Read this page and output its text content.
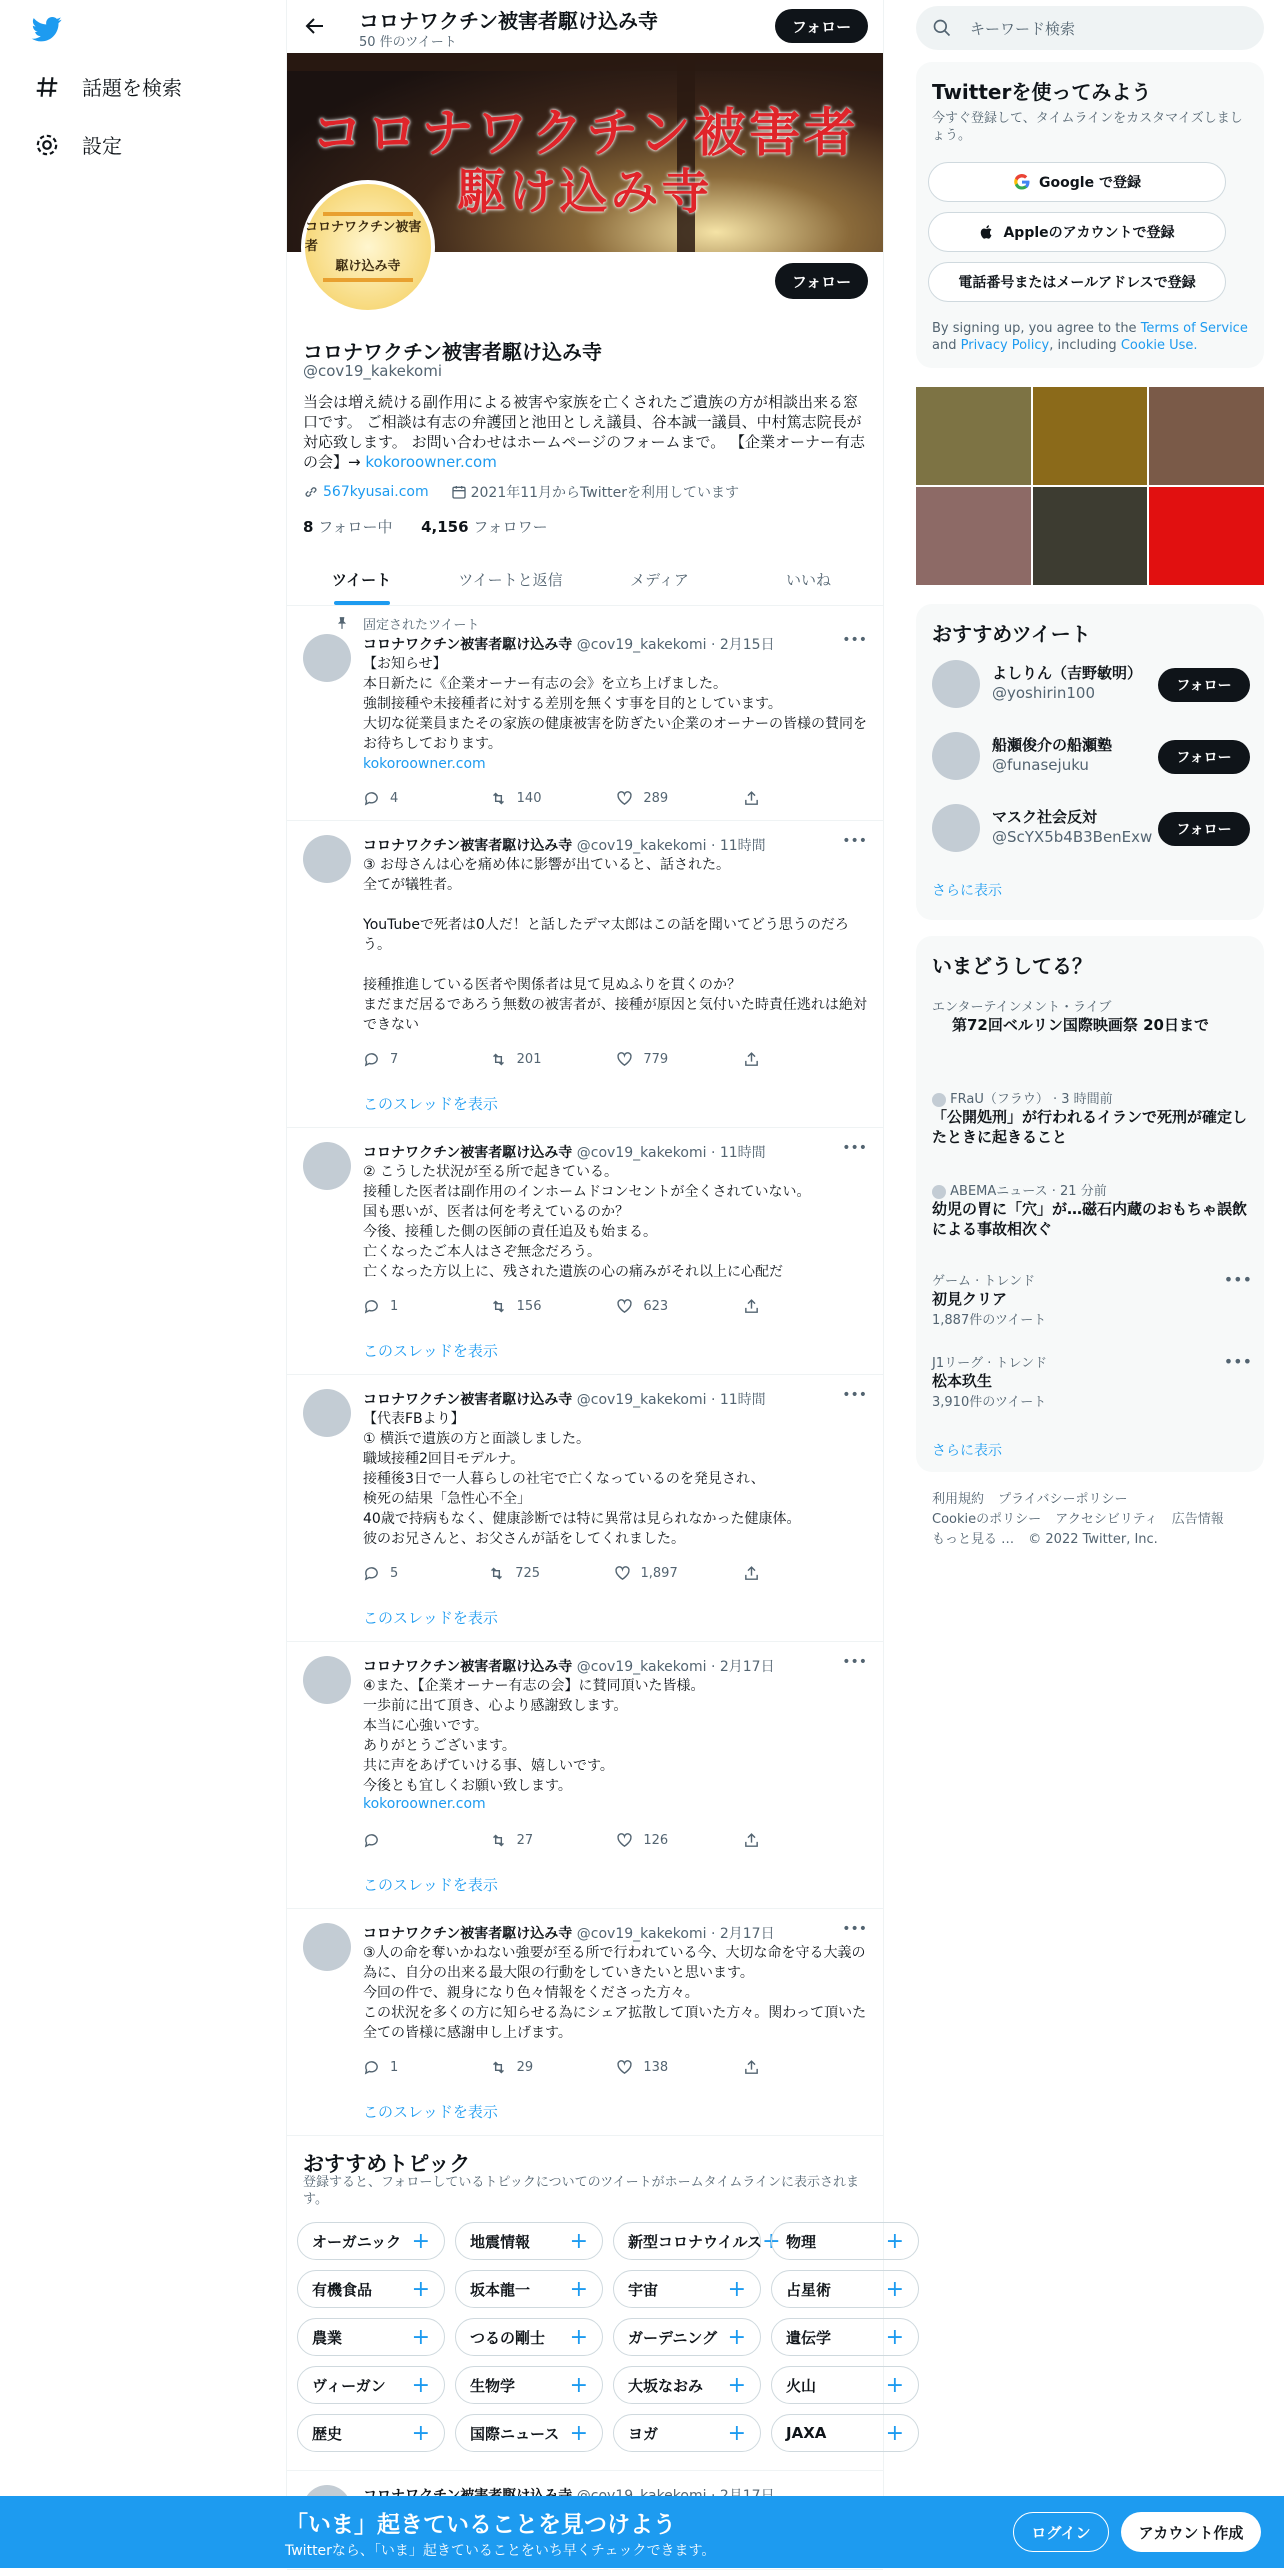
話題を検索
設定
コロナワクチン被害者駆け込み寺
50 件のツイート
フォロー
コロナワクチン被害者
駆け込み寺
コロナワクチン被害者
駆け込み寺
フォロー
コロナワクチン被害者駆け込み寺
@cov19_kakekomi
当会は増え続ける副作用による被害や家族を亡くされたご遺族の方が相談出来る窓口です。 ご相談は有志の弁護団と池田としえ議員、谷本誠一議員、中村篤志院長が対応致します。 お問い合わせはホームページのフォームまで。 【企業オーナー有志の会】→ kokoroowner.com
567kyusai.com	2021年11月からTwitterを利用しています
8 フォロー中 4,156 フォロワー
ツイート	ツイートと返信	メディア	いいね
固定されたツイート
コロナワクチン被害者駆け込み寺 @cov19_kakekomi · 2月15日	•••
【お知らせ】
本日新たに《企業オーナー有志の会》を立ち上げました。
強制接種や未接種者に対する差別を無くす事を目的としています。
大切な従業員またその家族の健康被害を防ぎたい企業のオーナーの皆様の賛同をお待ちしております。
kokoroowner.com
4	140	289
コロナワクチン被害者駆け込み寺 @cov19_kakekomi · 11時間	•••
③ お母さんは心を痛め体に影響が出ていると、話された。
全てが犠牲者。

YouTubeで死者は0人だ！と話したデマ太郎はこの話を聞いてどう思うのだろう。

接種推進している医者や関係者は見て見ぬふりを貫くのか？
まだまだ居るであろう無数の被害者が、接種が原因と気付いた時責任逃れは絶対できない
7	201	779
このスレッドを表示
コロナワクチン被害者駆け込み寺 @cov19_kakekomi · 11時間	•••
② こうした状況が至る所で起きている。
接種した医者は副作用のインホームドコンセントが全くされていない。
国も悪いが、医者は何を考えているのか？
今後、接種した側の医師の責任追及も始まる。
亡くなったご本人はさぞ無念だろう。
亡くなった方以上に、残された遺族の心の痛みがそれ以上に心配だ
1	156	623
このスレッドを表示
コロナワクチン被害者駆け込み寺 @cov19_kakekomi · 11時間	•••
【代表FBより】
① 横浜で遺族の方と面談しました。
職域接種2回目モデルナ。
接種後3日で一人暮らしの社宅で亡くなっているのを発見され、
検死の結果「急性心不全」
40歳で持病もなく、健康診断では特に異常は見られなかった健康体。
彼のお兄さんと、お父さんが話をしてくれました。
5	725	1,897
このスレッドを表示
コロナワクチン被害者駆け込み寺 @cov19_kakekomi · 2月17日	•••
④また、【企業オーナー有志の会】に賛同頂いた皆様。
一歩前に出て頂き、心より感謝致します。
本当に心強いです。
ありがとうございます。
共に声をあげていける事、嬉しいです。
今後とも宜しくお願い致します。
kokoroowner.com
27	126
このスレッドを表示
コロナワクチン被害者駆け込み寺 @cov19_kakekomi · 2月17日	•••
③人の命を奪いかねない強要が至る所で行われている今、大切な命を守る大義の為に、自分の出来る最大限の行動をしていきたいと思います。
今回の件で、親身になり色々情報をくださった方々。
この状況を多くの方に知らせる為にシェア拡散して頂いた方々。関わって頂いた全ての皆様に感謝申し上げます。
1	29	138
このスレッドを表示
おすすめトピック
登録すると、フォローしているトピックについてのツイートがホームタイムラインに表示されます。
オーガニック +	地震情報 +	新型コロナウイルス + 物理	+
有機食品 +	坂本龍一 +	宇宙	+	占星術 +
農業	+	つるの剛士 +	ガーデニング +	遺伝学 +
ヴィーガン +	生物学 +	大坂なおみ +	火山	+
歴史	+	国際ニュース +	ヨガ	+	JAXA	+
キーワード検索
Twitterを使ってみよう
今すぐ登録して、タイムラインをカスタマイズしましょう。
Google で登録
Appleのアカウントで登録
電話番号またはメールアドレスで登録
By signing up, you agree to the Terms of Service and Privacy Policy, including Cookie Use.
おすすめツイート
よしりん（吉野敏明）
@yoshirin100	フォロー
船瀬俊介の船瀬塾
@funasejuku	フォロー
マスク社会反対
@ScYX5b4B3BenExw	フォロー
さらに表示
いまどうしてる？
エンターテインメント・ライブ
第72回ベルリン国際映画祭 20日まで
FRaU（フラウ） · 3 時間前
「公開処刑」が行われるイランで死刑が確定したときに起きること
ABEMAニュース · 21 分前
幼児の胃に「穴」が…磁石内蔵のおもちゃ誤飲による事故相次ぐ
ゲーム · トレンド
初見クリア
1,887件のツイート
•••
J1リーグ · トレンド
松本玖生
3,910件のツイート
•••
さらに表示
利用規約 プライバシーポリシー
Cookieのポリシー アクセシビリティ 広告情報
もっと見る … © 2022 Twitter, Inc.
「いま」起きていることを見つけよう
Twitterなら、「いま」起きていることをいち早くチェックできます。
ログイン	アカウント作成
